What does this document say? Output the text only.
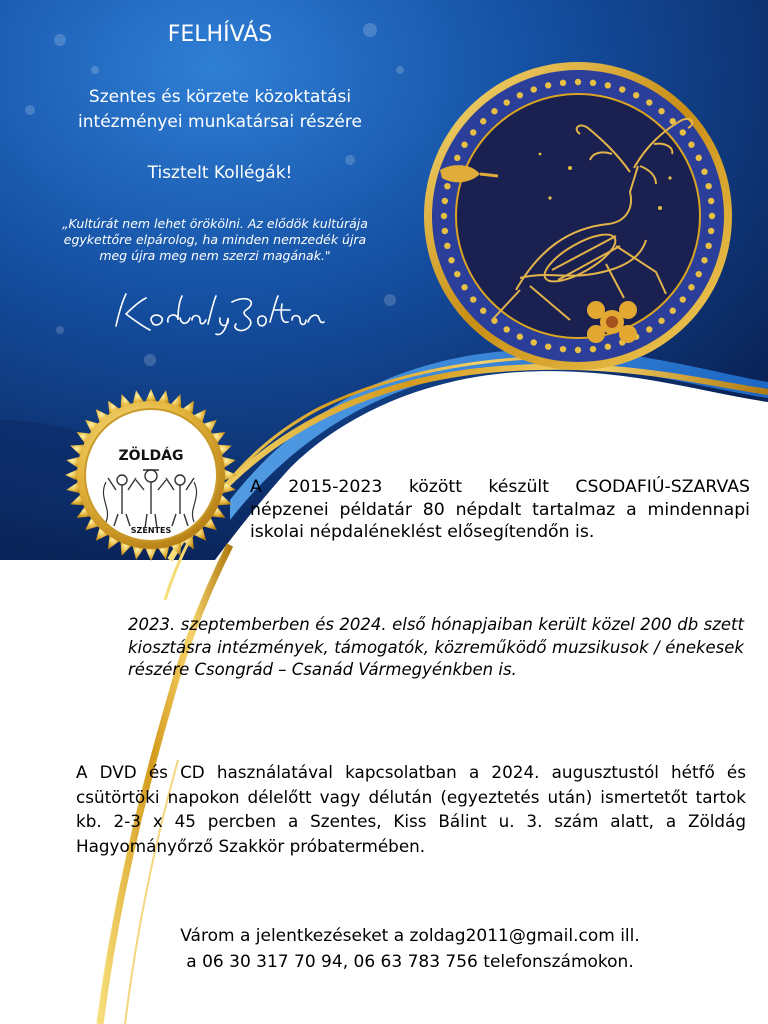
FELHÍVÁS
Szentes és körzete közoktatási
intézményei munkatársai részére
Tisztelt Kollégák!
„Kultúrát nem lehet örökölni. Az elődök kultúrája egykettőre elpárolog, ha minden nemzedék újra meg újra meg nem szerzi magának."
ZÖLDÁG
SZENTES
A 2015-2023 között készült CSODAFIÚ-SZARVAS népzenei példatár 80 népdalt tartalmaz a mindennapi iskolai népdaléneklést elősegítendőn is.
2023. szeptemberben és 2024. első hónapjaiban került közel 200 db szett kiosztásra intézmények, támogatók, közreműködő muzsikusok / énekesek részére Csongrád – Csanád Vármegyénkben is.
A DVD és CD használatával kapcsolatban a 2024. augusztustól hétfő és csütörtöki napokon délelőtt vagy délután (egyeztetés után) ismertetőt tartok kb. 2-3 x 45 percben a Szentes, Kiss Bálint u. 3. szám alatt, a Zöldág Hagyományőrző Szakkör próbatermében.
Várom a jelentkezéseket a zoldag2011@gmail.com ill.
a 06 30 317 70 94, 06 63 783 756 telefonszámokon.
